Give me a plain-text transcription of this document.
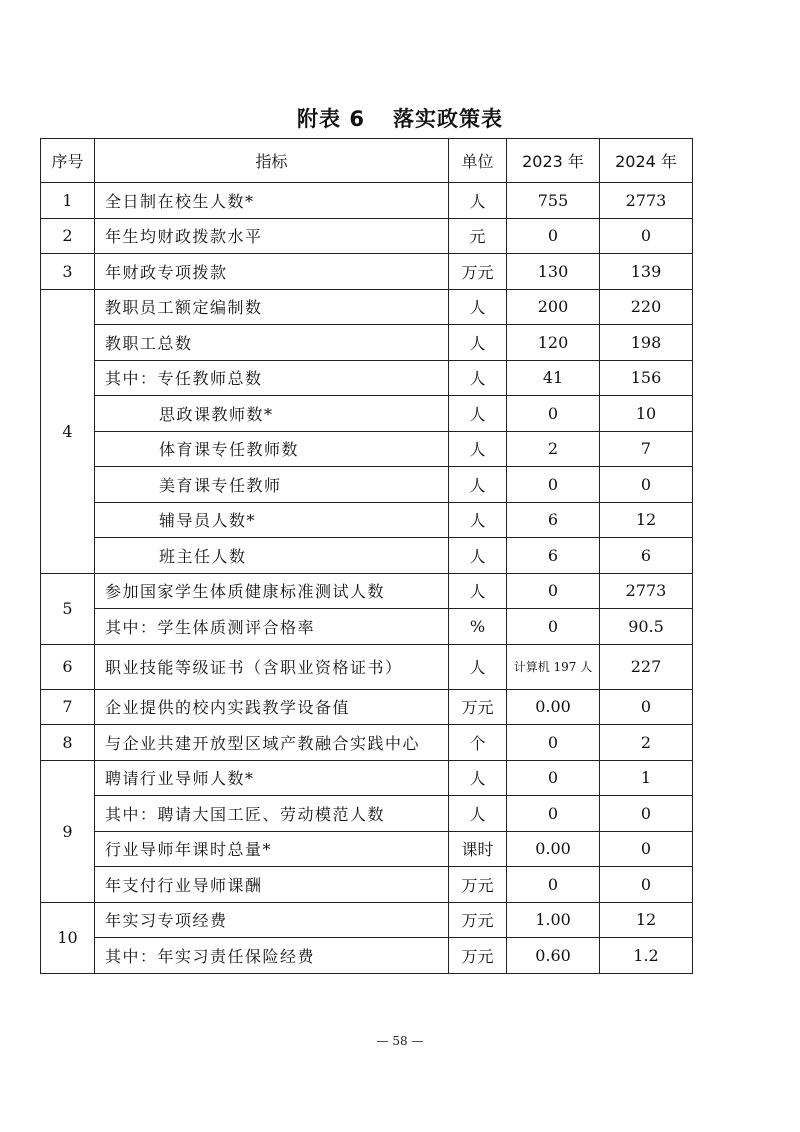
附表 6 落实政策表
序号	指标	单位	2023 年	2024 年
1	全日制在校生人数*	人	755	2773
2	年生均财政拨款水平	元	0	0
3	年财政专项拨款	万元	130	139
4	教职员工额定编制数	人	200	220
	教职工总数	人	120	198
	其中：专任教师总数	人	41	156
	思政课教师数*	人	0	10
	体育课专任教师数	人	2	7
	美育课专任教师	人	0	0
	辅导员人数*	人	6	12
	班主任人数	人	6	6
5	参加国家学生体质健康标准测试人数	人	0	2773
	其中：学生体质测评合格率	%	0	90.5
6	职业技能等级证书（含职业资格证书）	人	计算机 197 人	227
7	企业提供的校内实践教学设备值	万元	0.00	0
8	与企业共建开放型区域产教融合实践中心	个	0	2
9	聘请行业导师人数*	人	0	1
	其中：聘请大国工匠、劳动模范人数	人	0	0
	行业导师年课时总量*	课时	0.00	0
	年支付行业导师课酬	万元	0	0
10	年实习专项经费	万元	1.00	12
	其中：年实习责任保险经费	万元	0.60	1.2
— 58 —
